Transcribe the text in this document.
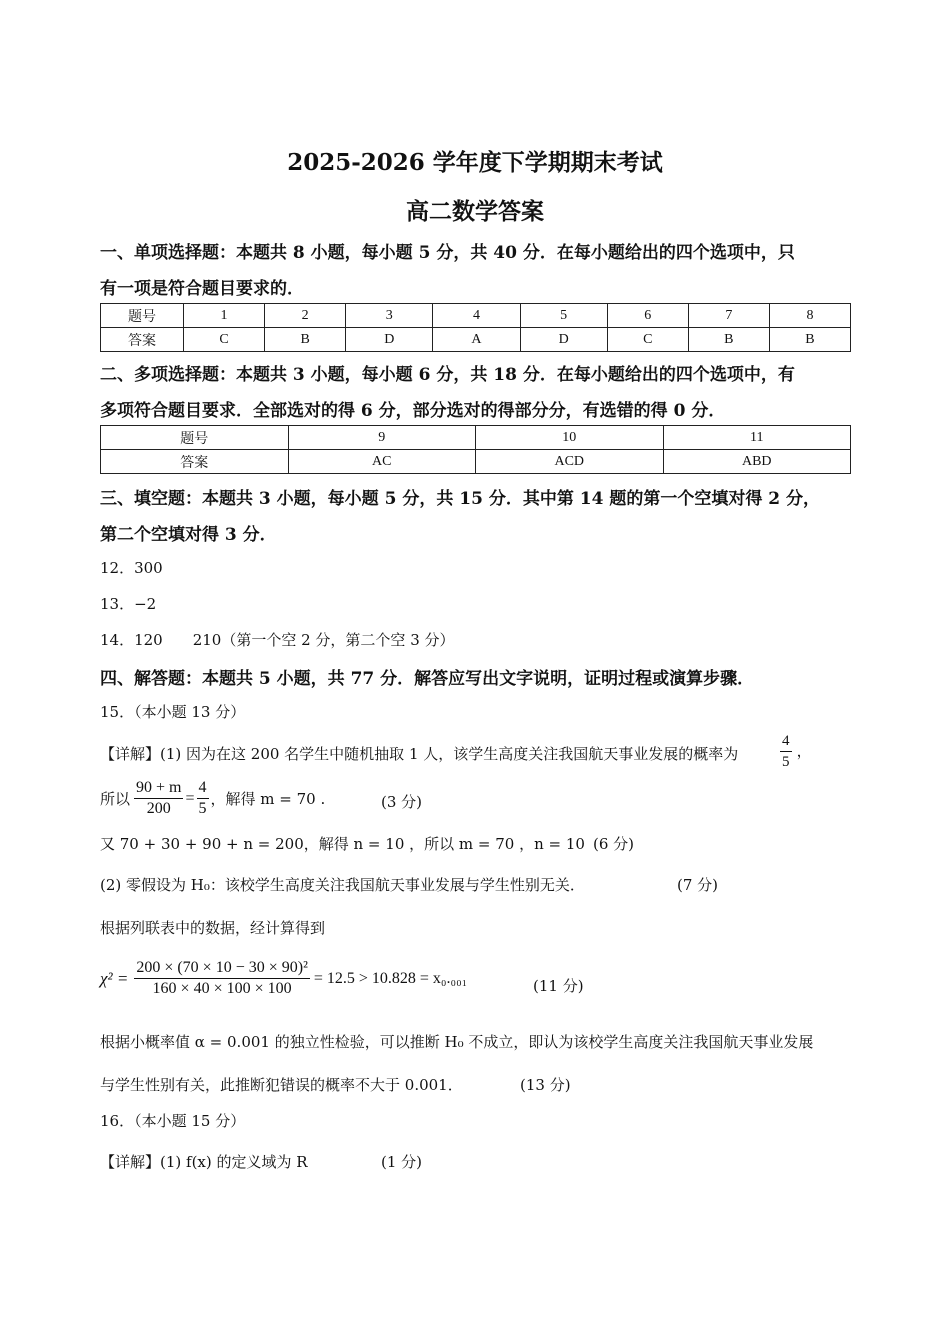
2025-2026 学年度下学期期末考试
高二数学答案
一、单项选择题：本题共 8 小题，每小题 5 分，共 40 分．在每小题给出的四个选项中，只
有一项是符合题目要求的．
题号	1	2	3	4	5	6	7	8
答案	C	B	D	A	D	C	B	B
二、多项选择题：本题共 3 小题，每小题 6 分，共 18 分．在每小题给出的四个选项中，有
多项符合题目要求．全部选对的得 6 分，部分选对的得部分分，有选错的得 0 分．
题号	9	10	11
答案	AC	ACD	ABD
三、填空题：本题共 3 小题，每小题 5 分，共 15 分．其中第 14 题的第一个空填对得 2 分，
第二个空填对得 3 分．
12．300
13．−2
14．120　　210（第一个空 2 分，第二个空 3 分）
四、解答题：本题共 5 小题，共 77 分．解答应写出文字说明，证明过程或演算步骤．
15．（本小题 13 分）
【详解】(1) 因为在这 200 名学生中随机抽取 1 人，该学生高度关注我国航天事业发展的概率为	$\frac{4}{5}$ ，
所以 $\frac{90 + m}{200} = \frac{4}{5}$ ，解得 m = 70 .	(3 分)
又 70 + 30 + 90 + n = 200，解得 n = 10 ，所以 m = 70 ，n = 10 (6 分)
(2) 零假设为 H₀：该校学生高度关注我国航天事业发展与学生性别无关．	(7 分)
根据列联表中的数据，经计算得到
$\chi^2 = \frac{\text{200 × (70 × 10 − 30 × 90)²}}{160 \times 40 \times 100 \times 100} = 12.5 > 10.828 = x_0._{001}$	(11 分)
根据小概率值 α = 0.001 的独立性检验，可以推断 H₀ 不成立，即认为该校学生高度关注我国航天事业发展
与学生性别有关，此推断犯错误的概率不大于 0.001．	(13 分)
16．（本小题 15 分）
【详解】(1) f(x) 的定义域为 R	(1 分)
